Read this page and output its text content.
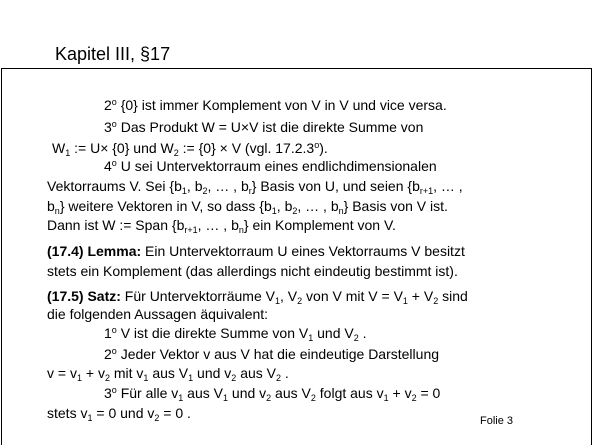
Kapitel III, §17
2$^o$ {0} ist immer Komplement von V in V und vice versa.
3$^o$ Das Produkt W = U×V ist die direkte Summe von
$W_1$ := U× {0} und $W_2$ := {0} × V (vgl. 17.2.3$^o$).
4$^o$ U sei Untervektorraum eines endlichdimensionalen
Vektorraums V. Sei {$b_1$, $b_2$, … , $b_r$} Basis von U, und seien {$b_{r+1}$, … ,
$b_n$} weitere Vektoren in V, so dass {$b_1$, $b_2$, … , $b_n$} Basis von V ist.
Dann ist W := Span {$b_{r+1}$, … , $b_n$} ein Komplement von V.
(17.4) Lemma: Ein Untervektorraum U eines Vektorraums V besitzt
stets ein Komplement (das allerdings nicht eindeutig bestimmt ist).
(17.5) Satz: Für Untervektorräume $V_1$, $V_2$ von V mit $V = V_1 + V_2$ sind
die folgenden Aussagen äquivalent:
1$^o$ V ist die direkte Summe von $V_1$ und $V_2$ .
2$^o$ Jeder Vektor v aus V hat die eindeutige Darstellung
$v = v_1 + v_2$ mit $v_1$ aus $V_1$ und $v_2$ aus $V_2$ .
3$^o$ Für alle $v_1$ aus $V_1$ und $v_2$ aus $V_2$ folgt aus $v_1 + v_2 = 0$
stets $v_1 = 0$ und $v_2 = 0$ .	Folie 3
